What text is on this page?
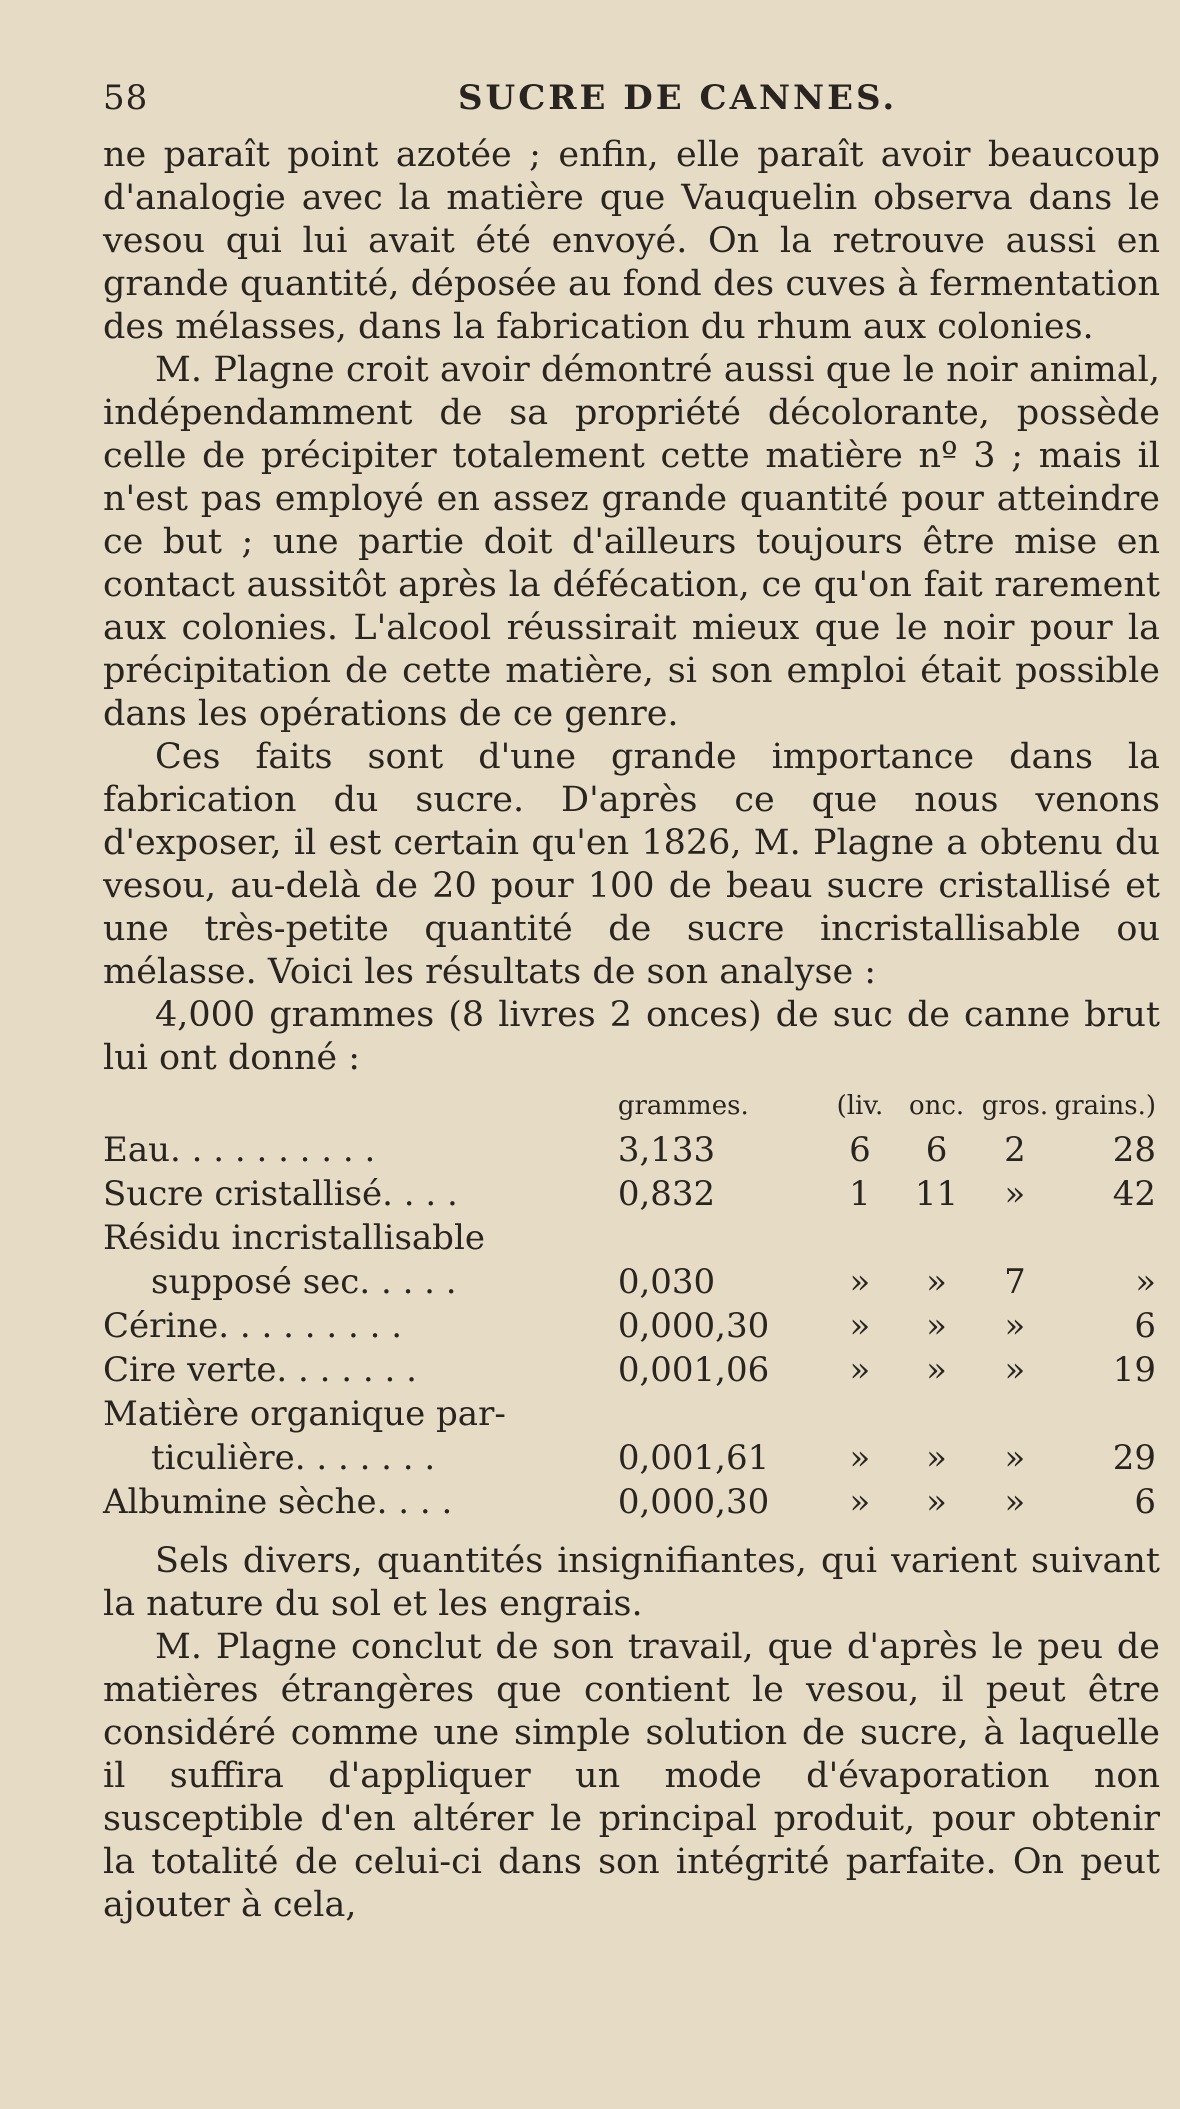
58	SUCRE DE CANNES.

ne paraît point azotée ; enfin, elle paraît avoir beaucoup d'analogie avec la matière que Vauquelin observa dans le vesou qui lui avait été envoyé. On la retrouve aussi en grande quantité, déposée au fond des cuves à fermentation des mélasses, dans la fabrication du rhum aux colonies.

M. Plagne croit avoir démontré aussi que le noir animal, indépendamment de sa propriété décolorante, possède celle de précipiter totalement cette matière nº 3 ; mais il n'est pas employé en assez grande quantité pour atteindre ce but ; une partie doit d'ailleurs toujours être mise en contact aussitôt après la défécation, ce qu'on fait rarement aux colonies. L'alcool réussirait mieux que le noir pour la précipitation de cette matière, si son emploi était possible dans les opérations de ce genre.

Ces faits sont d'une grande importance dans la fabrication du sucre. D'après ce que nous venons d'exposer, il est certain qu'en 1826, M. Plagne a obtenu du vesou, au-delà de 20 pour 100 de beau sucre cristallisé et une très-petite quantité de sucre incristallisable ou mélasse. Voici les résultats de son analyse :

4,000 grammes (8 livres 2 onces) de suc de canne brut lui ont donné :

	grammes.	(liv.	onc.	gros.	grains.)
Eau. . . . . . . . . .	3,133	6	6	2	28
Sucre cristallisé. . . .	0,832	1	11	»	42
Résidu incristallisable					
supposé sec. . . . .	0,030	»	»	7	»
Cérine. . . . . . . . .	0,000,30	»	»	»	6
Cire verte. . . . . . .	0,001,06	»	»	»	19
Matière organique par-					
ticulière. . . . . . .	0,001,61	»	»	»	29
Albumine sèche. . . .	0,000,30	»	»	»	6

Sels divers, quantités insignifiantes, qui varient suivant la nature du sol et les engrais.

M. Plagne conclut de son travail, que d'après le peu de matières étrangères que contient le vesou, il peut être considéré comme une simple solution de sucre, à laquelle il suffira d'appliquer un mode d'évaporation non susceptible d'en altérer le principal produit, pour obtenir la totalité de celui-ci dans son intégrité parfaite. On peut ajouter à cela,
